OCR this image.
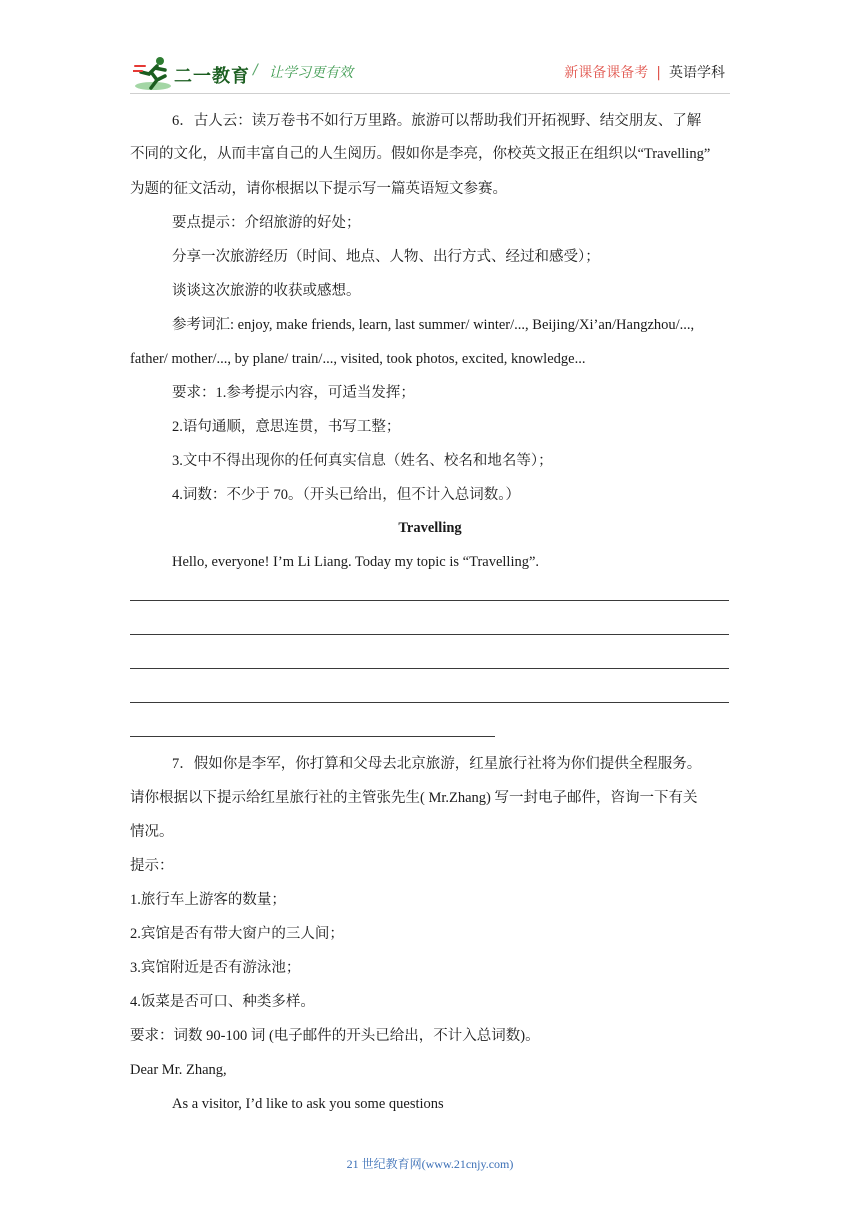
二一教育 / 让学习更有效	新课备课备考 | 英语学科
6．古人云：读万卷书不如行万里路。旅游可以帮助我们开拓视野、结交朋友、了解
不同的文化，从而丰富自己的人生阅历。假如你是李亮，你校英文报正在组织以“Travelling”
为题的征文活动，请你根据以下提示写一篇英语短文参赛。
要点提示：介绍旅游的好处；
分享一次旅游经历（时间、地点、人物、出行方式、经过和感受）；
谈谈这次旅游的收获或感想。
参考词汇: enjoy, make friends, learn, last summer/ winter/..., Beijing/Xi’an/Hangzhou/...,
father/ mother/..., by plane/ train/..., visited, took photos, excited, knowledge...
要求：1.参考提示内容，可适当发挥；
2.语句通顺，意思连贯，书写工整；
3.文中不得出现你的任何真实信息（姓名、校名和地名等）；
4.词数：不少于 70。（开头已给出，但不计入总词数。）
Travelling
Hello, everyone! I’m Li Liang. Today my topic is “Travelling”.
7．假如你是李军，你打算和父母去北京旅游，红星旅行社将为你们提供全程服务。
请你根据以下提示给红星旅行社的主管张先生( Mr.Zhang) 写一封电子邮件，咨询一下有关
情况。
提示：
1.旅行车上游客的数量；
2.宾馆是否有带大窗户的三人间；
3.宾馆附近是否有游泳池；
4.饭菜是否可口、种类多样。
要求：词数 90-100 词 (电子邮件的开头已给出，不计入总词数)。
Dear Mr. Zhang,
As a visitor, I’d like to ask you some questions
21 世纪教育网(www.21cnjy.com)
